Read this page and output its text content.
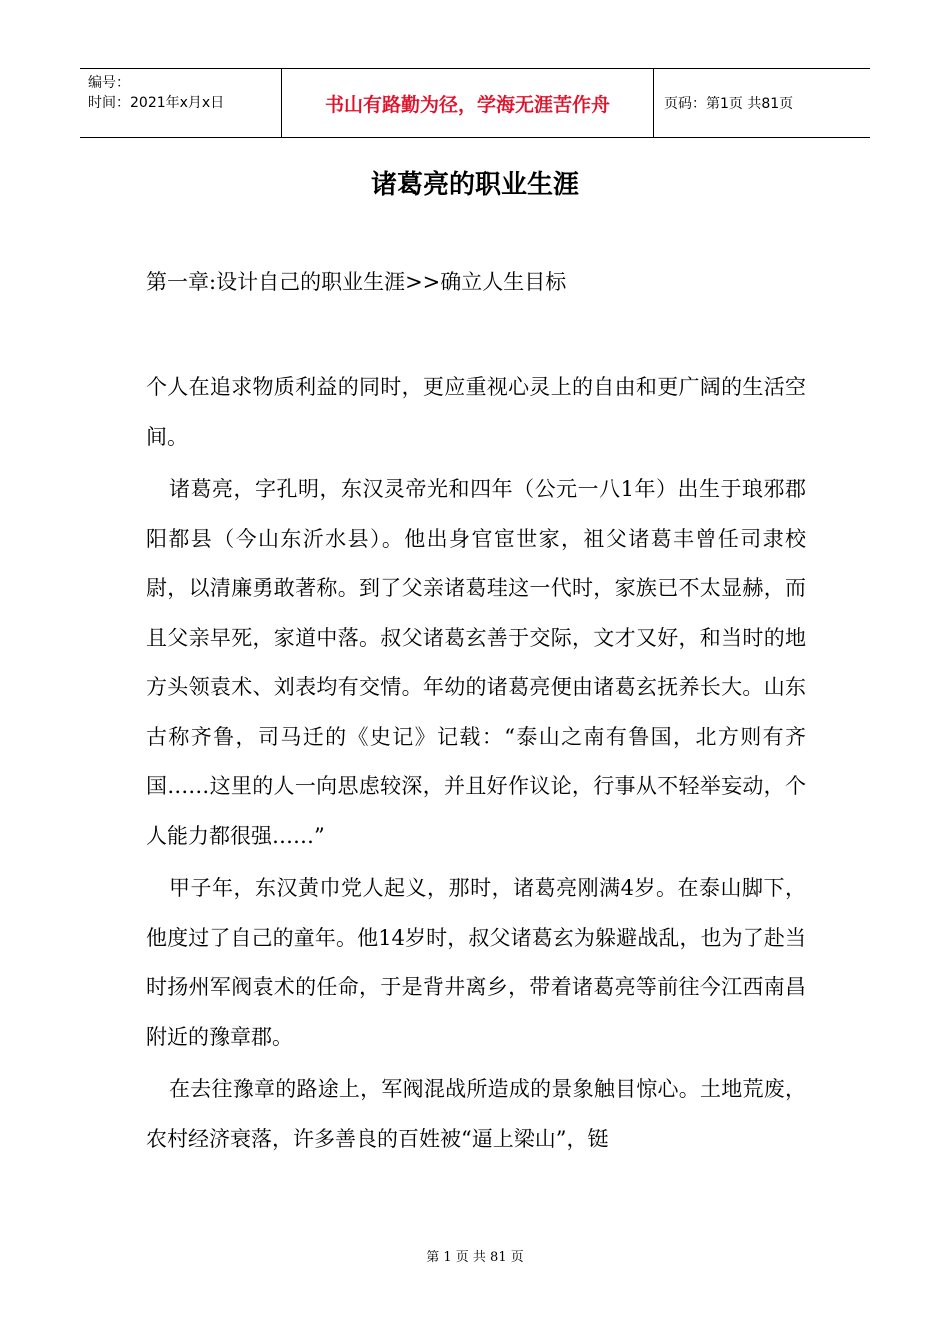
编号：
时间：2021年x月x日	书山有路勤为径，学海无涯苦作舟	页码：第1页 共81页
诸葛亮的职业生涯

第一章:设计自己的职业生涯>>确立人生目标

个人在追求物质利益的同时，更应重视心灵上的自由和更广阔的生活空间。

诸葛亮，字孔明，东汉灵帝光和四年（公元一八1年）出生于琅邪郡阳都县（今山东沂水县）。他出身官宦世家，祖父诸葛丰曾任司隶校尉，以清廉勇敢著称。到了父亲诸葛珪这一代时，家族已不太显赫，而且父亲早死，家道中落。叔父诸葛玄善于交际，文才又好，和当时的地方头领袁术、刘表均有交情。年幼的诸葛亮便由诸葛玄抚养长大。山东古称齐鲁，司马迁的《史记》记载：“泰山之南有鲁国，北方则有齐国……这里的人一向思虑较深，并且好作议论，行事从不轻举妄动，个人能力都很强……”

甲子年，东汉黄巾党人起义，那时，诸葛亮刚满4岁。在泰山脚下，他度过了自己的童年。他14岁时，叔父诸葛玄为躲避战乱，也为了赴当时扬州军阀袁术的任命，于是背井离乡，带着诸葛亮等前往今江西南昌附近的豫章郡。

在去往豫章的路途上，军阀混战所造成的景象触目惊心。土地荒废，农村经济衰落，许多善良的百姓被“逼上梁山”，铤

第 1 页 共 81 页
